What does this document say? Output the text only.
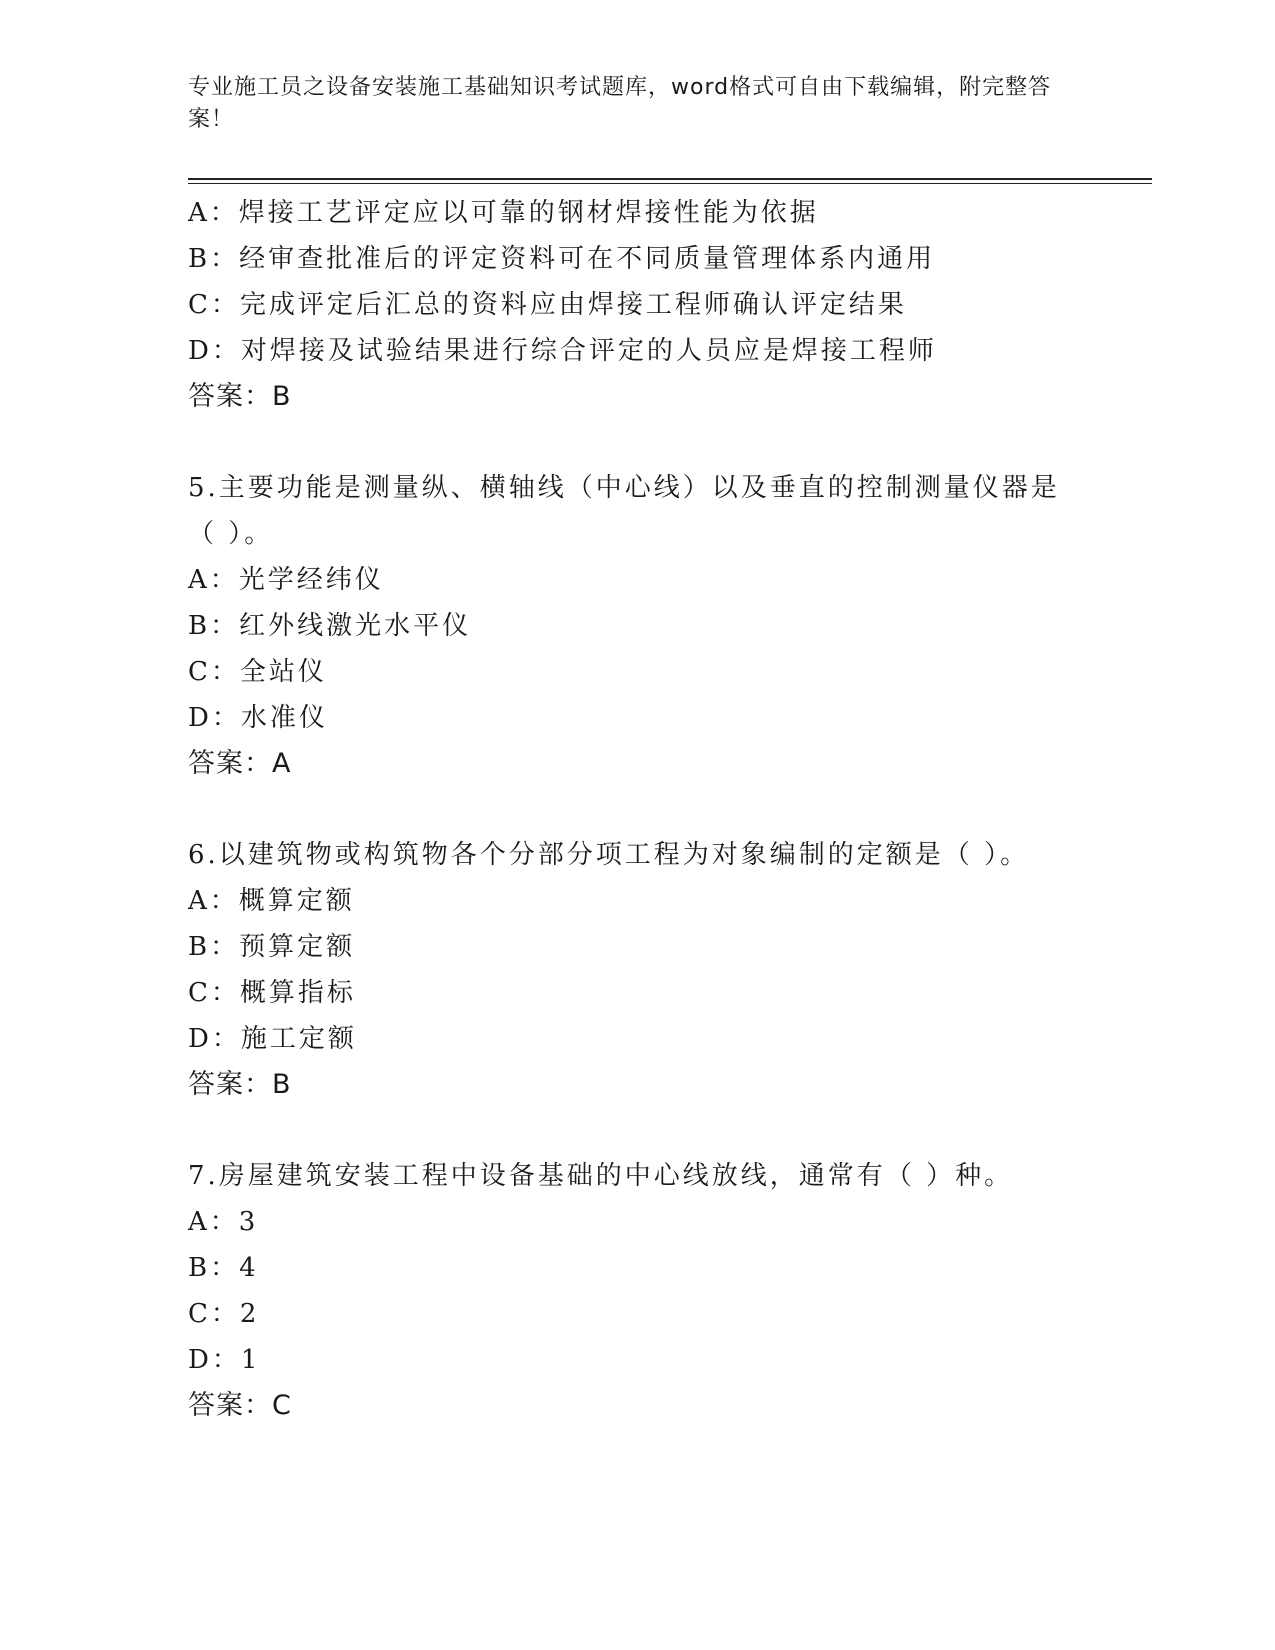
专业施工员之设备安装施工基础知识考试题库，word格式可自由下载编辑，附完整答案！
A：焊接工艺评定应以可靠的钢材焊接性能为依据
B：经审查批准后的评定资料可在不同质量管理体系内通用
C：完成评定后汇总的资料应由焊接工程师确认评定结果
D：对焊接及试验结果进行综合评定的人员应是焊接工程师
答案：B
5.主要功能是测量纵、横轴线（中心线）以及垂直的控制测量仪器是
（ ）。
A：光学经纬仪
B：红外线激光水平仪
C：全站仪
D：水准仪
答案：A
6.以建筑物或构筑物各个分部分项工程为对象编制的定额是（ ）。
A：概算定额
B：预算定额
C：概算指标
D：施工定额
答案：B
7.房屋建筑安装工程中设备基础的中心线放线，通常有（ ）种。
A：3
B：4
C：2
D：1
答案：C
